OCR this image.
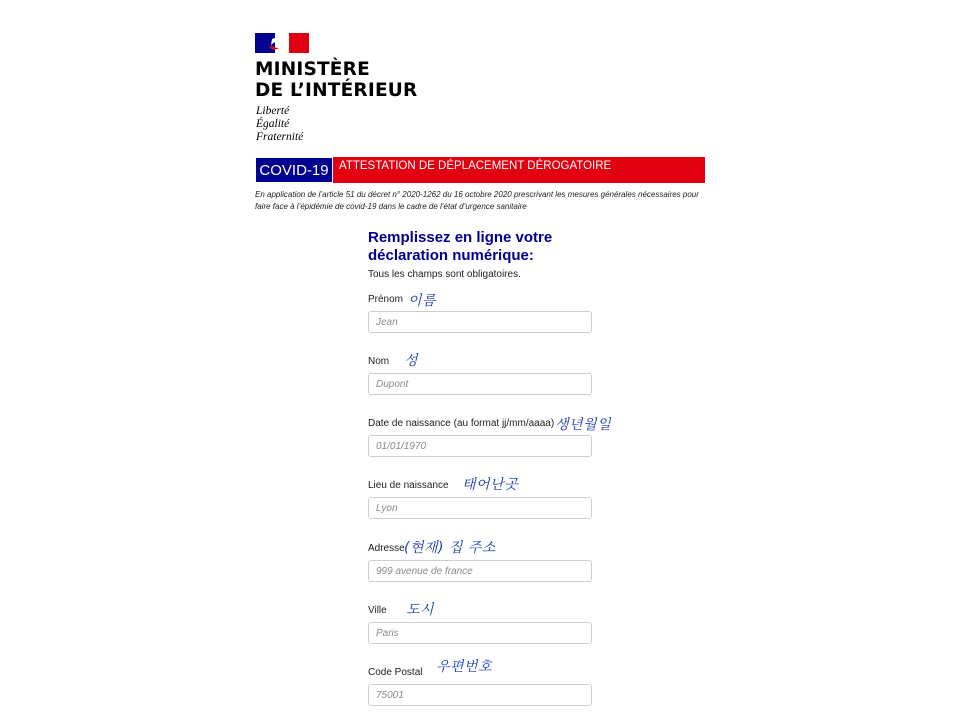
MINISTÈRE
DE L’INTÉRIEUR
Liberté
Égalité
Fraternité
COVID-19 ATTESTATION DE DÉPLACEMENT DÉROGATOIRE
En application de l’article 51 du décret n° 2020-1262 du 16 octobre 2020 prescrivant les mesures générales nécessaires pour faire face à l’épidémie de covid-19 dans le cadre de l’état d’urgence sanitaire
Remplissez en ligne votre déclaration numérique:
Tous les champs sont obligatoires.
Prénom 이름
Jean
Nom 성
Dupont
Date de naissance (au format jj/mm/aaaa) 생년월일
01/01/1970
Lieu de naissance 태어난곳
Lyon
Adresse (현재) 집 주소
999 avenue de france
Ville 도시
Paris
Code Postal 우편번호
75001
